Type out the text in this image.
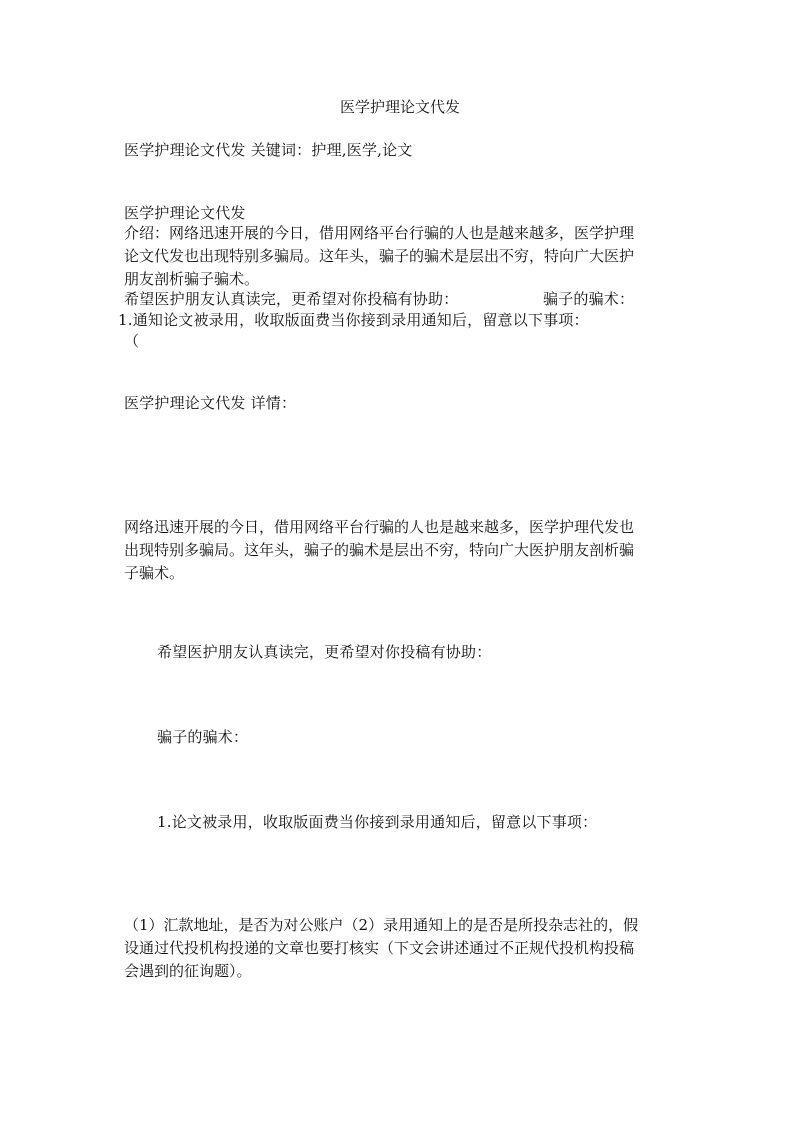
医学护理论文代发
医学护理论文代发 关键词：护理,医学,论文
医学护理论文代发
介绍：网络迅速开展的今日，借用网络平台行骗的人也是越来越多，医学护理
论文代发也出现特别多骗局。这年头，骗子的骗术是层出不穷，特向广大医护
朋友剖析骗子骗术。
希望医护朋友认真读完，更希望对你投稿有协助：	骗子的骗术：
1.通知论文被录用，收取版面费当你接到录用通知后，留意以下事项：
（
医学护理论文代发 详情：
网络迅速开展的今日，借用网络平台行骗的人也是越来越多，医学护理代发也
出现特别多骗局。这年头，骗子的骗术是层出不穷，特向广大医护朋友剖析骗
子骗术。
希望医护朋友认真读完，更希望对你投稿有协助：
骗子的骗术：
1.论文被录用，收取版面费当你接到录用通知后，留意以下事项：
（1）汇款地址，是否为对公账户（2）录用通知上的是否是所投杂志社的，假
设通过代投机构投递的文章也要打核实（下文会讲述通过不正规代投机构投稿
会遇到的征询题）。
